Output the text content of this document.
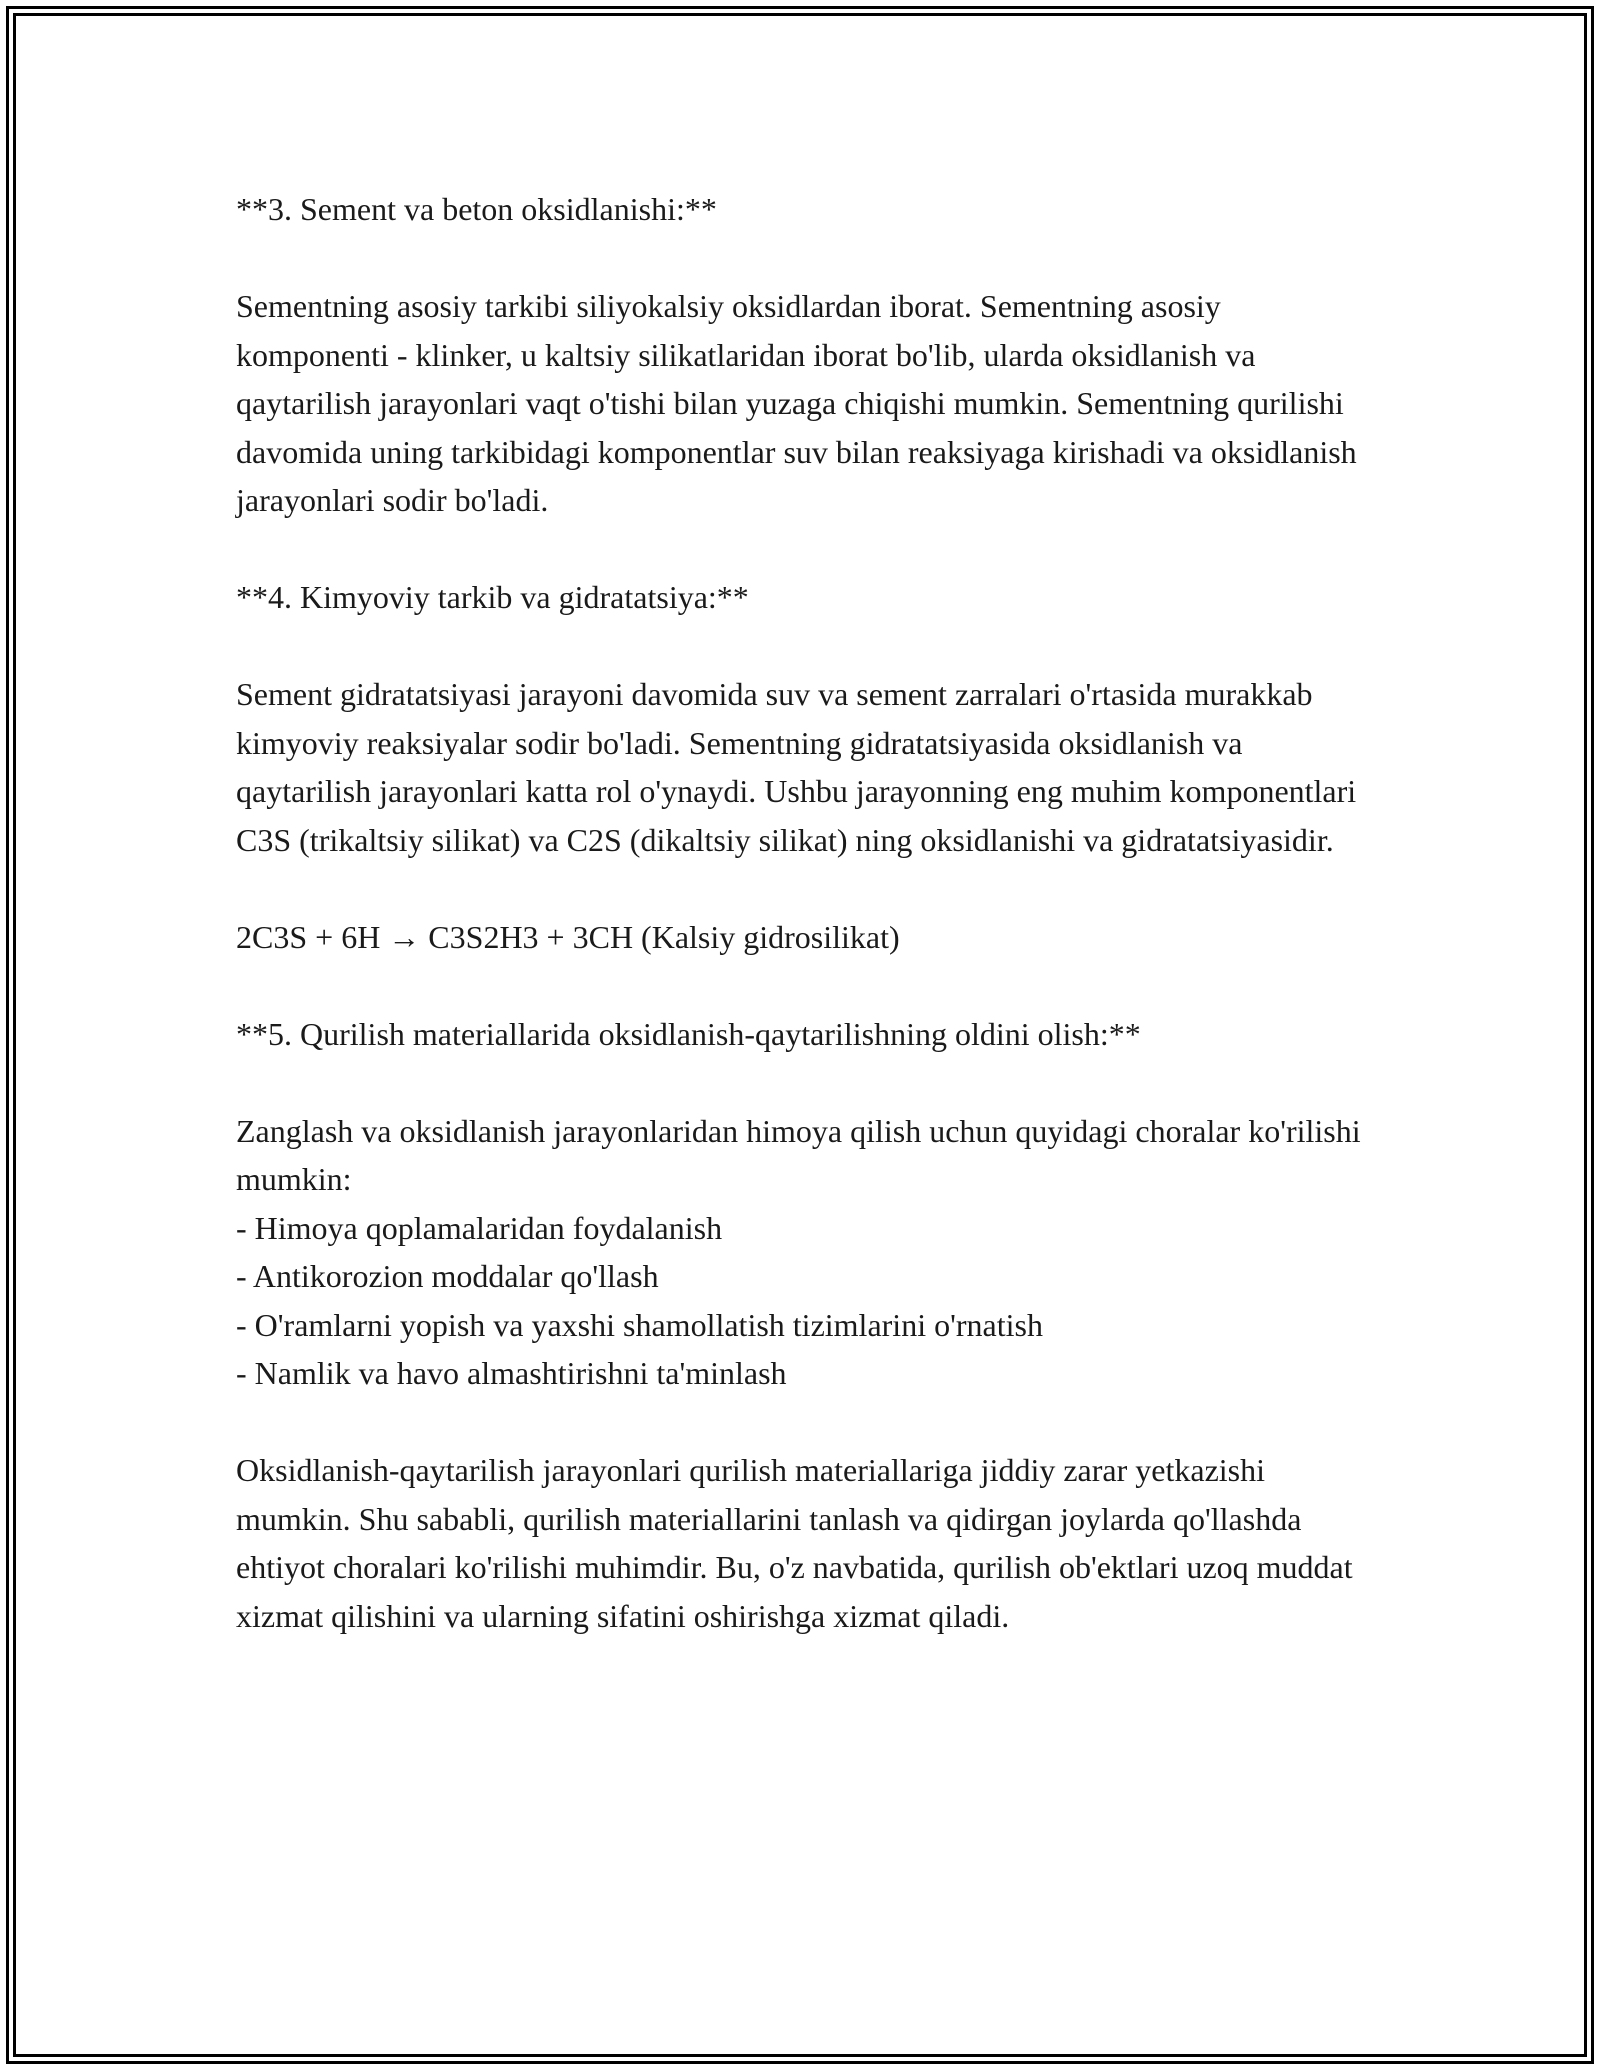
**3. Sement va beton oksidlanishi:**
Sementning asosiy tarkibi siliyokalsiy oksidlardan iborat. Sementning asosiy komponenti - klinker, u kaltsiy silikatlaridan iborat bo'lib, ularda oksidlanish va qaytarilish jarayonlari vaqt o'tishi bilan yuzaga chiqishi mumkin. Sementning qurilishi davomida uning tarkibidagi komponentlar suv bilan reaksiyaga kirishadi va oksidlanish jarayonlari sodir bo'ladi.
**4. Kimyoviy tarkib va gidratatsiya:**
Sement gidratatsiyasi jarayoni davomida suv va sement zarralari o'rtasida murakkab kimyoviy reaksiyalar sodir bo'ladi. Sementning gidratatsiyasida oksidlanish va qaytarilish jarayonlari katta rol o'ynaydi. Ushbu jarayonning eng muhim komponentlari C3S (trikaltsiy silikat) va C2S (dikaltsiy silikat) ning oksidlanishi va gidratatsiyasidir.
2C3S + 6H → C3S2H3 + 3CH (Kalsiy gidrosilikat)
**5. Qurilish materiallarida oksidlanish-qaytarilishning oldini olish:**

Zanglash va oksidlanish jarayonlaridan himoya qilish uchun quyidagi choralar ko'rilishi mumkin:

- Himoya qoplamalaridan foydalanish

- Antikorozion moddalar qo'llash

- O'ramlarni yopish va yaxshi shamollatish tizimlarini o'rnatish

- Namlik va havo almashtirishni ta'minlash

Oksidlanish-qaytarilish jarayonlari qurilish materiallariga jiddiy zarar yetkazishi mumkin. Shu sababli, qurilish materiallarini tanlash va qidirgan joylarda qo'llashda ehtiyot choralari ko'rilishi muhimdir. Bu, o'z navbatida, qurilish ob'ektlari uzoq muddat xizmat qilishini va ularning sifatini oshirishga xizmat qiladi.
